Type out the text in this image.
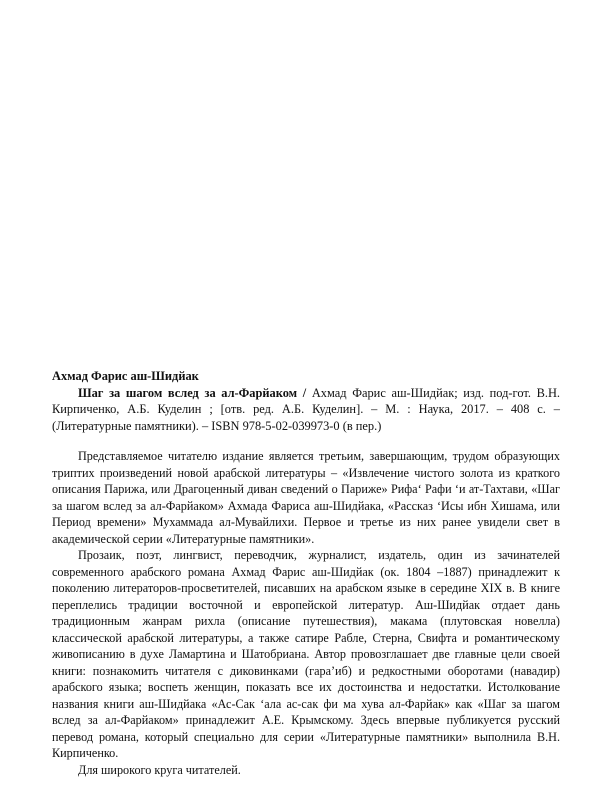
Ахмад Фарис аш-Шидйак

Шаг за шагом вслед за ал-Фарйаком / Ахмад Фарис аш-Шидйак; изд. под-гот. В.Н. Кирпиченко, А.Б. Куделин ; [отв. ред. А.Б. Куделин]. – М. : Наука, 2017. – 408 с. – (Литературные памятники). – ISBN 978-5-02-039973-0 (в пер.)

Представляемое читателю издание является третьим, завершающим, трудом образующих триптих произведений новой арабской литературы – «Извлечение чистого золота из краткого описания Парижа, или Драгоценный диван сведений о Париже» Рифа‘ Рафи ‘и ат-Тахтави, «Шаг за шагом вслед за ал-Фарйаком» Ахмада Фариса аш-Шидйака, «Рассказ ‘Исы ибн Хишама, или Период времени» Мухаммада ал-Мувайлихи. Первое и третье из них ранее увидели свет в академической серии «Литературные памятники».

Прозаик, поэт, лингвист, переводчик, журналист, издатель, один из зачинателей современного арабского романа Ахмад Фарис аш-Шидйак (ок. 1804 –1887) принадлежит к поколению литераторов-просветителей, писавших на арабском языке в середине XIX в. В книге переплелись традиции восточной и европейской литератур. Аш-Шидйак отдает дань традиционным жанрам рихла (описание путешествия), макама (плутовская новелла) классической арабской литературы, а также сатире Рабле, Стерна, Свифта и романтическому живописанию в духе Ламартина и Шатобриана. Автор провозглашает две главные цели своей книги: познакомить читателя с диковинками (гара’иб) и редкостными оборотами (навадир) арабского языка; воспеть женщин, показать все их достоинства и недостатки. Истолкование названия книги аш-Шидйака «Ас-Сак ‘ала ас-сак фи ма хува ал-Фарйак» как «Шаг за шагом вслед за ал-Фарйаком» принадлежит А.Е. Крымскому. Здесь впервые публикуется русский перевод романа, который специально для серии «Литературные памятники» выполнила В.Н. Кирпиченко.

Для широкого круга читателей.
